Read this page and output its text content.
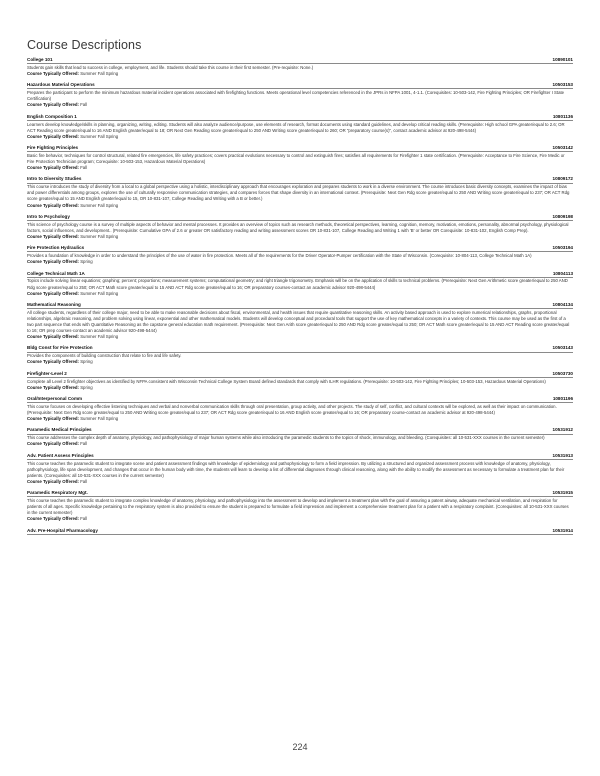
Course Descriptions
College 101	10890101
Students gain skills that lead to success in college, employment, and life. Students should take this course in their first semester. (Pre-requisite: None.)
Course Typically Offered: Summer Fall Spring
Hazardous Material Operations	10503153
Prepares the participant to perform the minimum hazardous material incident operations associated with firefighting functions. Meets operational level competencies referenced in the JPRs in NFPA 1001, 4-1.1. (Corequisites: 10-503-142, Fire Fighting Principles; OR Firefighter I State Certification)
Course Typically Offered: Fall
English Composition 1	10801136
Learners develop knowledge/skills in planning, organizing, writing, editing. Students will also analyze audience/purpose, use elements of research, format documents using standard guidelines, and develop critical reading skills. (Prerequisite: High school GPA greater/equal to 2.6; OR ACT Reading score greater/equal to 16 AND English greater/equal to 18; OR Next Gen Reading score greater/equal to 250 AND Writing score greater/equal to 260; OR "preparatory course(s)", contact academic advisor at 920-498-5444)
Course Typically Offered: Summer Fall Spring
Fire Fighting Principles	10503142
Basic fire behavior, techniques for control structural, related fire emergencies, life safety practices; covers practical evolutions necessary to control and extinguish fires; satisfies all requirements for Firefighter 1 state certification. (Prerequisite: Acceptance to Fire Science, Fire Medic or Fire Protection Technician program; Corequisite: 10-503-153, Hazardous Material Operations)
Course Typically Offered: Fall
Intro to Diversity Studies	10809172
This course introduces the study of diversity from a local to a global perspective using a holistic, interdisciplinary approach that encourages exploration and prepares students to work in a diverse environment. The course introduces basic diversity concepts, examines the impact of bias and power differentials among groups, explores the use of culturally responsive communication strategies, and compares forces that shape diversity in an international context. (Prerequisite: Next Gen Rdg score greater/equal to 250 AND Writing score greater/equal to 237; OR ACT Rdg score greater/equal to 15 AND English greater/equal to 15, OR 10-831-107, College Reading and Writing with a B or better.)
Course Typically Offered: Summer Fall Spring
Intro to Psychology	10809198
This science of psychology course is a survey of multiple aspects of behavior and mental processes. It provides an overview of topics such as research methods, theoretical perspectives, learning, cognition, memory, motivation, emotions, personality, abnormal psychology, physiological factors, social influences, and development.. (Prerequisite: Cumulative GPA of 2.6 or greater OR satisfactory reading and writing assessment scores OR 10-831-107, College Reading and Writing 1 with 'B' or better OR Corequisite: 10-831-102, English Comp Prep).
Course Typically Offered: Summer Fall Spring
Fire Protection Hydraulics	10503194
Provides a foundation of knowledge in order to understand the principles of the use of water in fire protection. Meets all of the requirements for the Driver Operator-Pumper certification with the State of Wisconsin. (Corequisite: 10-804-113, College Technical Math 1A)
Course Typically Offered: Spring
College Technical Math 1A	10804113
Topics include solving linear equations; graphing; percent; proportions; measurement systems; computational geometry; and right triangle trigonometry. Emphasis will be on the application of skills to technical problems. (Prerequisite: Next Gen Arithmetic score greater/equal to 250 AND Rdg score greater/equal to 250; OR ACT Math score greater/equal to 15 AND ACT Rdg score greater/equal to 16; OR preparatory courses-contact an academic advisor 920-498-5444)
Course Typically Offered: Summer Fall Spring
Mathematical Reasoning	10804134
All college students, regardless of their college major, need to be able to make reasonable decisions about fiscal, environmental, and health issues that require quantitative reasoning skills. An activity based approach is used to explore numerical relationships, graphs, proportional relationships, algebraic reasoning, and problem solving using linear, exponential and other mathematical models. Students will develop conceptual and procedural tools that support the use of key mathematical concepts in a variety of contexts. This course may be used as the first of a two part sequence that ends with Quantitative Reasoning as the capstone general education math requirement. (Prerequisite: Next Gen Arith score greater/equal to 250 AND Rdg score greater/equal to 250; OR ACT Math score greater/equal to 15 AND ACT Reading score greater/equal to 16; OR prep courses-contact an academic advisor 920-498-5444)
Course Typically Offered: Summer Fall Spring
Bldg Const for Fire Protection	10503143
Provides the components of building construction that relate to fire and life safety.
Course Typically Offered: Spring
Firefighter-Level 2	10503730
Complete all Level 2 firefighter objectives as identified by NFPA consistent with Wisconsin Technical College System Board defined standards that comply with ILHR regulations. (Prerequisite: 10-503-142, Fire Fighting Principles; 10-503-153, Hazardous Material Operations)
Course Typically Offered: Spring
Oral/Interpersonal Comm	10801196
This course focuses on developing effective listening techniques and verbal and nonverbal communication skills through oral presentation, group activity, and other projects. The study of self, conflict, and cultural contexts will be explored, as well as their impact on communication. (Prerequisite: Next Gen Rdg score greater/equal to 250 AND Writing score greater/equal to 237; OR ACT Rdg score greater/equal to 16 AND English score greater/equal to 16; OR preparatory course-contact an academic advisor at 920-498-5444)
Course Typically Offered: Summer Fall Spring
Paramedic Medical Principles	10531912
This course addresses the complex depth of anatomy, physiology, and pathophysiology of major human systems while also introducing the paramedic students to the topics of shock, immunology, and bleeding. (Corequisites: all 10-531-XXX courses in the current semester)
Course Typically Offered: Fall
Adv. Patient Assess Principles	10531913
This course teaches the paramedic student to integrate scene and patient assessment findings with knowledge of epidemiology and pathophysiology to form a field impression. By utilizing a structured and organized assessment process with knowledge of anatomy, physiology, pathophysiology, life span development, and changes that occur in the human body with time, the students will learn to develop a list of differential diagnoses through clinical reasoning, along with the ability to modify the assessment as necessary to formulate a treatment plan for their patients. (Corequisites: all 10-531-XXX courses in the current semester)
Course Typically Offered: Fall
Paramedic Respiratory Mgt.	10531915
This course teaches the paramedic student to integrate complex knowledge of anatomy, physiology, and pathophysiology into the assessment to develop and implement a treatment plan with the goal of assuring a patent airway, adequate mechanical ventilation, and respiration for patients of all ages. Specific knowledge pertaining to the respiratory system is also provided to ensure the student is prepared to formulate a field impression and implement a comprehensive treatment plan for a patient with a respiratory complaint. (Corequisites: all 10-531-XXX courses in the current semester)
Course Typically Offered: Fall
Adv. Pre-Hospital Pharmacology	10531914
224
